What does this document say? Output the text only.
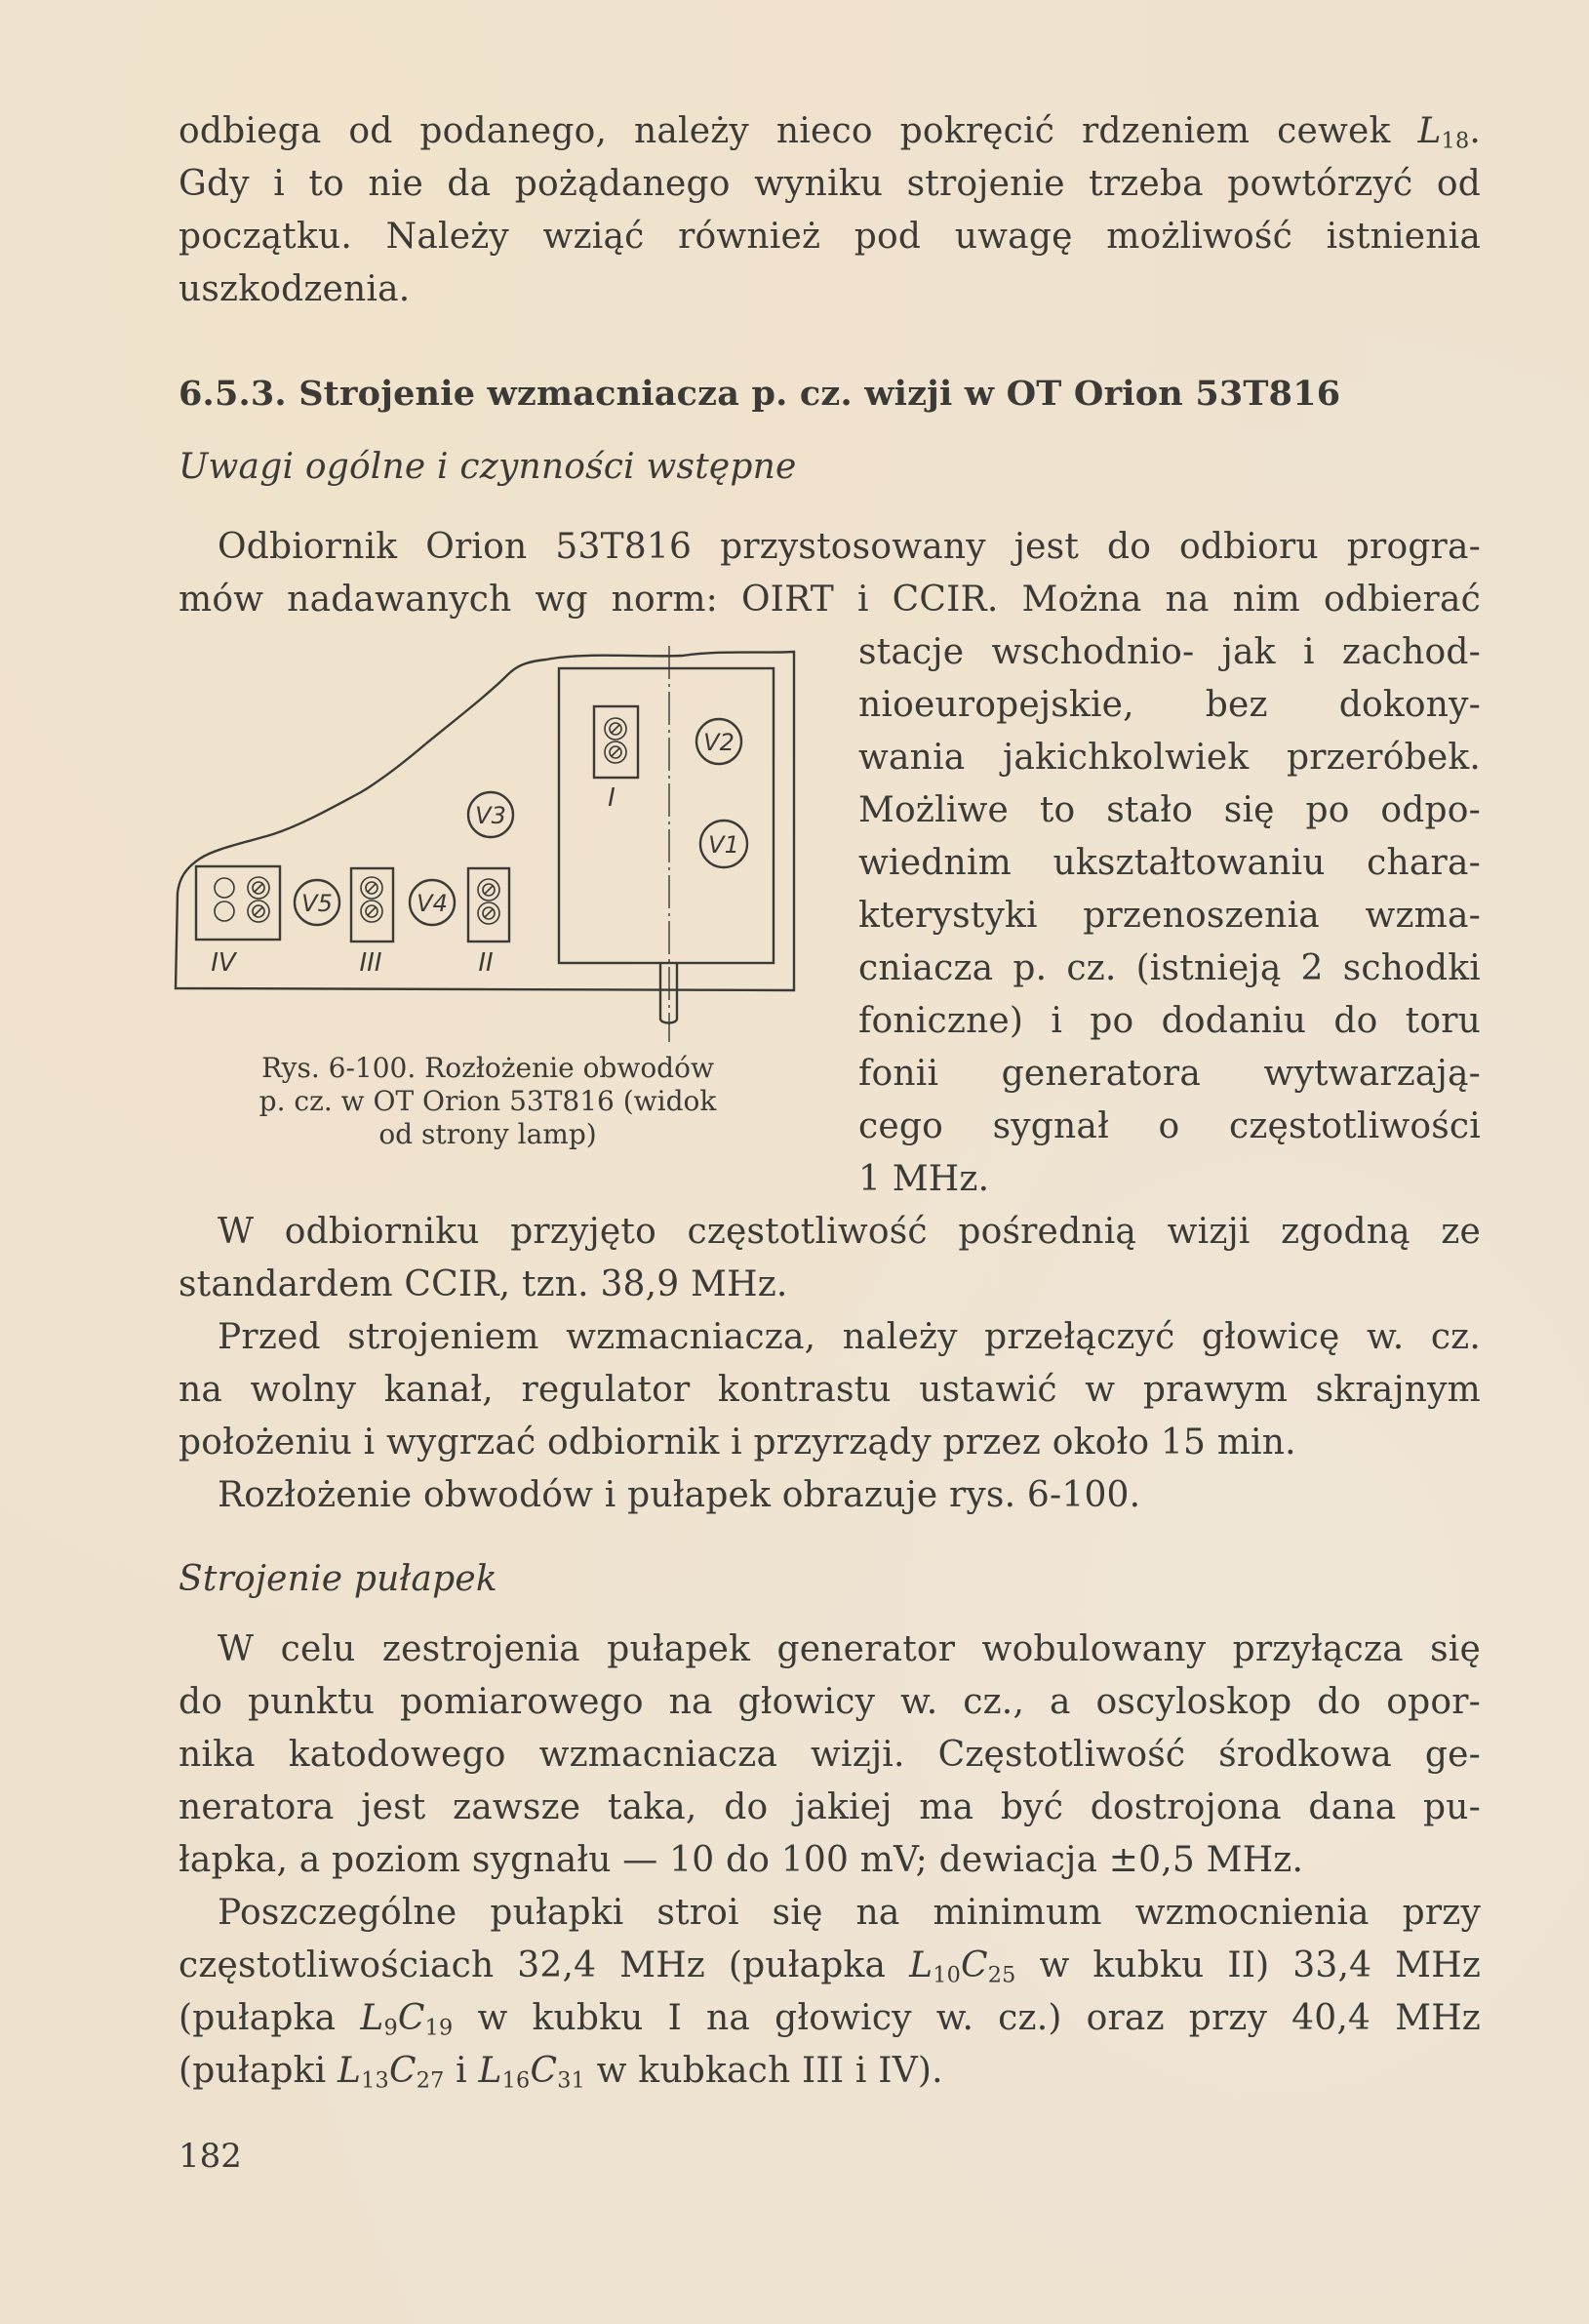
odbiega od podanego, należy nieco pokręcić rdzeniem cewek $L_{18}$.
Gdy i to nie da pożądanego wyniku strojenie trzeba powtórzyć od
początku. Należy wziąć również pod uwagę możliwość istnienia
uszkodzenia.
6.5.3. Strojenie wzmacniacza p. cz. wizji w OT Orion 53T816
Uwagi ogólne i czynności wstępne
Odbiornik Orion 53T816 przystosowany jest do odbioru progra-
mów nadawanych wg norm: OIRT i CCIR. Można na nim odbierać
stacje wschodnio- jak i zachod-
nioeuropejskie, bez dokony-
wania jakichkolwiek przeróbek.
Możliwe to stało się po odpo-
wiednim ukształtowaniu chara-
kterystyki przenoszenia wzma-
cniacza p. cz. (istnieją 2 schodki
foniczne) i po dodaniu do toru
fonii generatora wytwarzają-
cego sygnał o częstotliwości
1 MHz.
V2
V1
V3
V4
V5
I
II
III
IV
Rys. 6-100. Rozłożenie obwodów
p. cz. w OT Orion 53T816 (widok
od strony lamp)
W odbiorniku przyjęto częstotliwość pośrednią wizji zgodną ze
standardem CCIR, tzn. 38,9 MHz.
Przed strojeniem wzmacniacza, należy przełączyć głowicę w. cz.
na wolny kanał, regulator kontrastu ustawić w prawym skrajnym
położeniu i wygrzać odbiornik i przyrządy przez około 15 min.
Rozłożenie obwodów i pułapek obrazuje rys. 6-100.
Strojenie pułapek
W celu zestrojenia pułapek generator wobulowany przyłącza się
do punktu pomiarowego na głowicy w. cz., a oscyloskop do opor-
nika katodowego wzmacniacza wizji. Częstotliwość środkowa ge-
neratora jest zawsze taka, do jakiej ma być dostrojona dana pu-
łapka, a poziom sygnału — 10 do 100 mV; dewiacja ±0,5 MHz.
Poszczególne pułapki stroi się na minimum wzmocnienia przy
częstotliwościach 32,4 MHz (pułapka $L_{10}C_{25}$ w kubku II) 33,4 MHz
(pułapka $L_9C_{19}$ w kubku I na głowicy w. cz.) oraz przy 40,4 MHz
(pułapki $L_{13}C_{27}$ i $L_{16}C_{31}$ w kubkach III i IV).
182
